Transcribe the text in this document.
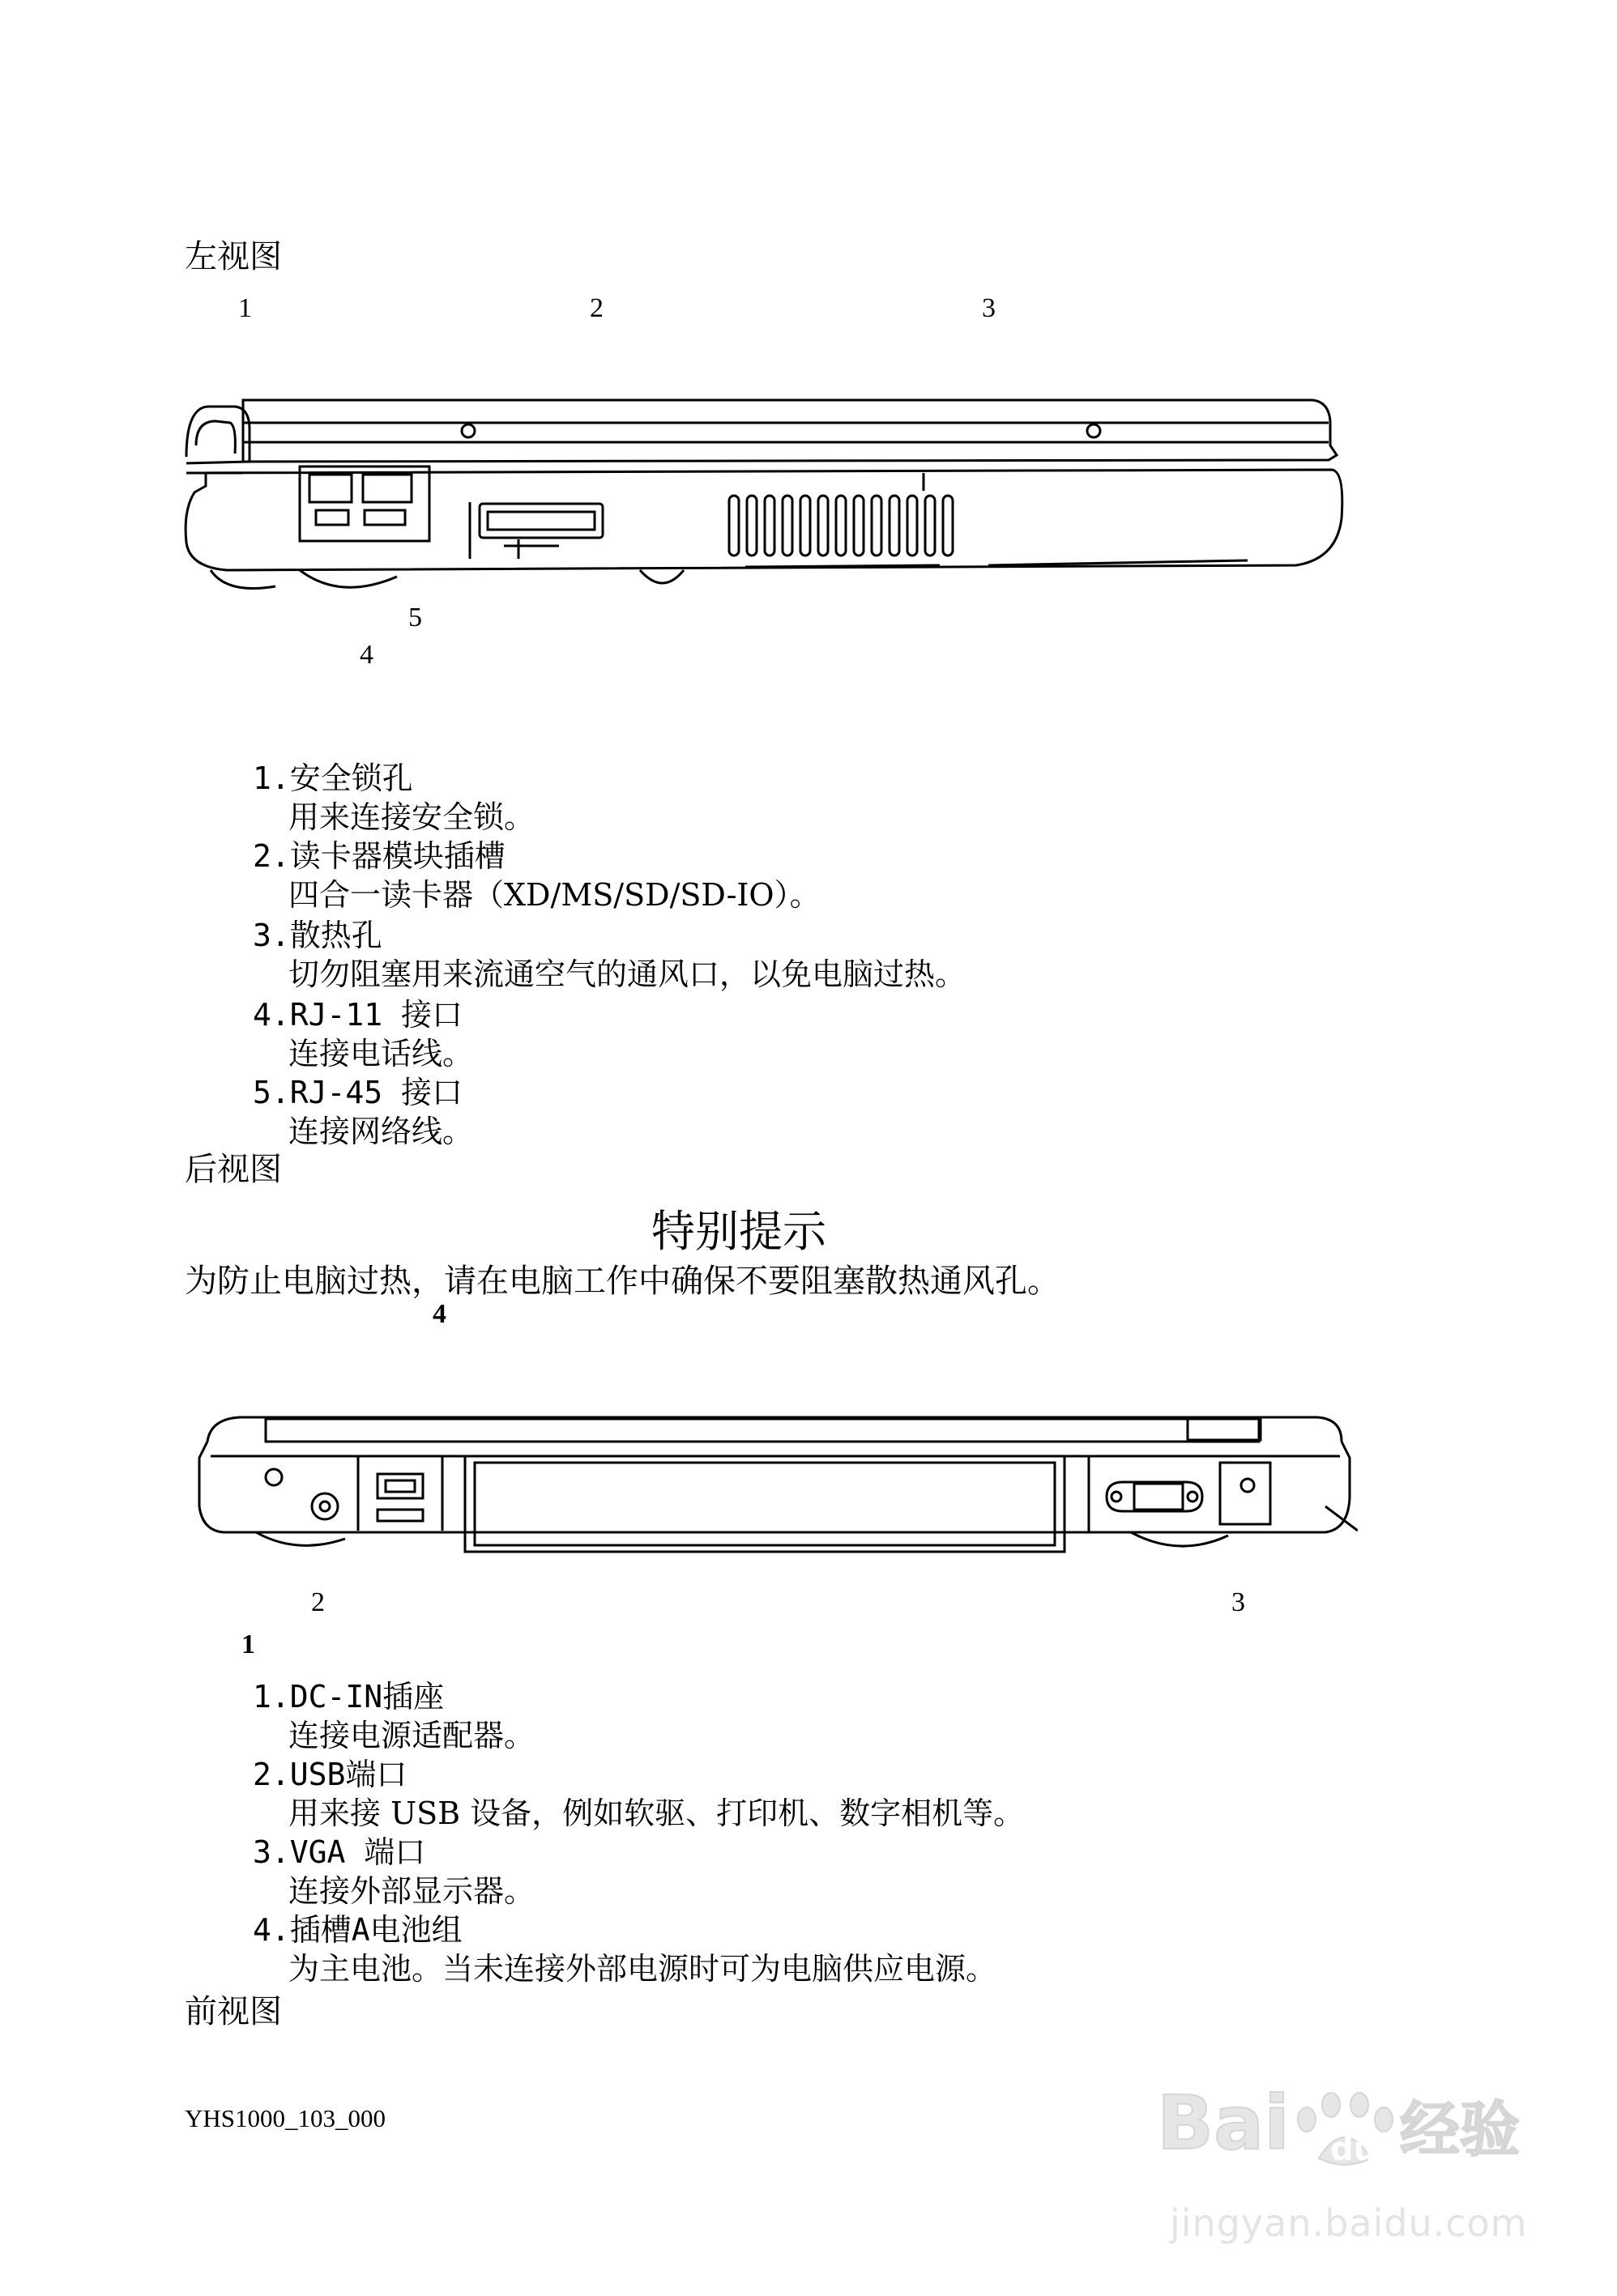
左视图
1	2	3
5
4
1.安全锁孔
用来连接安全锁。
2.读卡器模块插槽
四合一读卡器（XD/MS/SD/SD-IO）。
3.散热孔
切勿阻塞用来流通空气的通风口，以免电脑过热。
4.RJ-11 接口
连接电话线。
5.RJ-45 接口
连接网络线。
后视图
特别提示
为防止电脑过热，请在电脑工作中确保不要阻塞散热通风孔。
4
2	3
1
1.DC-IN插座
连接电源适配器。
2.USB端口
用来接 USB 设备，例如软驱、打印机、数字相机等。
3.VGA 端口
连接外部显示器。
4.插槽A电池组
为主电池。当未连接外部电源时可为电脑供应电源。
前视图
YHS1000_103_000	Bai du 经验
jingyan.baidu.com
